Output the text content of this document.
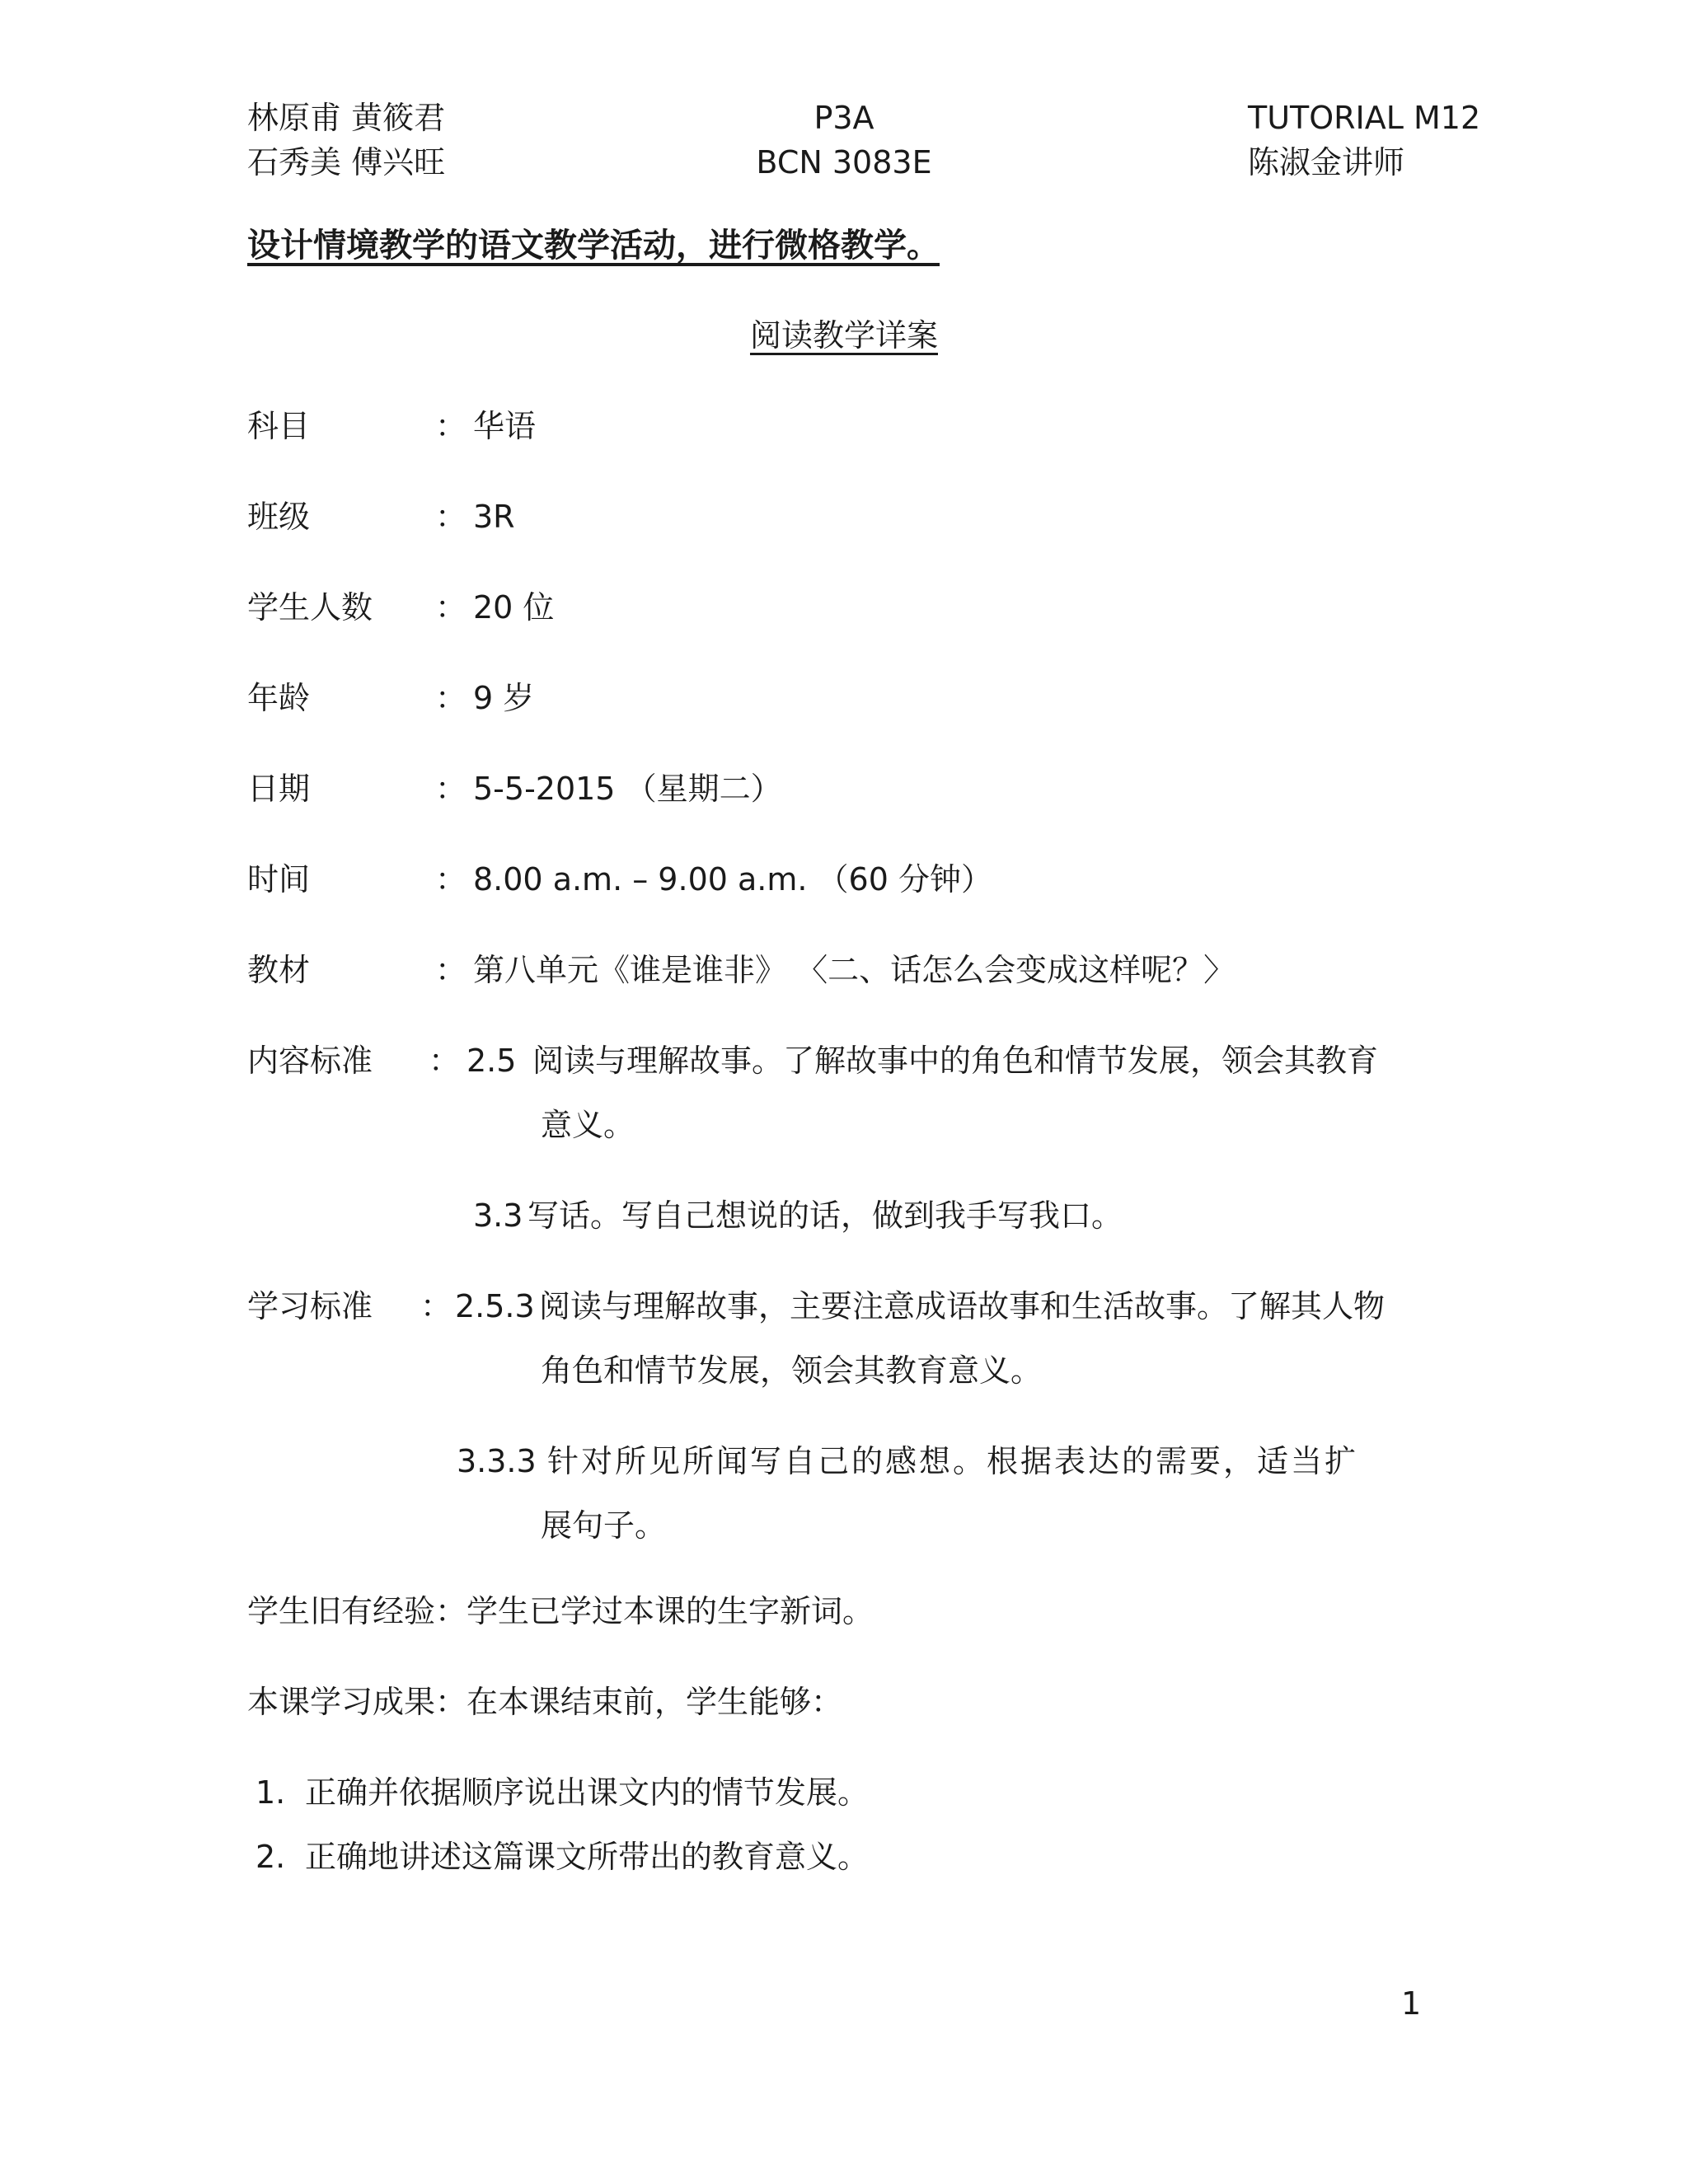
林原甫 黄筱君
石秀美 傅兴旺
P3A
BCN 3083E
TUTORIAL M12
陈淑金讲师
设计情境教学的语文教学活动，进行微格教学。
阅读教学详案
科目	： 华语
班级	： 3R
学生人数 ： 20 位
年龄	： 9 岁
日期	： 5-5-2015 （星期二）
时间	： 8.00 a.m. – 9.00 a.m. （60 分钟）
教材	： 第八单元《谁是谁非》 〈二、话怎么会变成这样呢？〉
内容标准 ： 2.5 阅读与理解故事。了解故事中的角色和情节发展，领会其教育
意义。
3.3 写话。写自己想说的话，做到我手写我口。
学习标准 ： 2.5.3 阅读与理解故事，主要注意成语故事和生活故事。了解其人物
角色和情节发展，领会其教育意义。
3.3.3 针对所见所闻写自己的感想。根据表达的需要，适当扩
展句子。
学生旧有经验：学生已学过本课的生字新词。
本课学习成果：在本课结束前，学生能够：
1. 正确并依据顺序说出课文内的情节发展。
2. 正确地讲述这篇课文所带出的教育意义。
1
